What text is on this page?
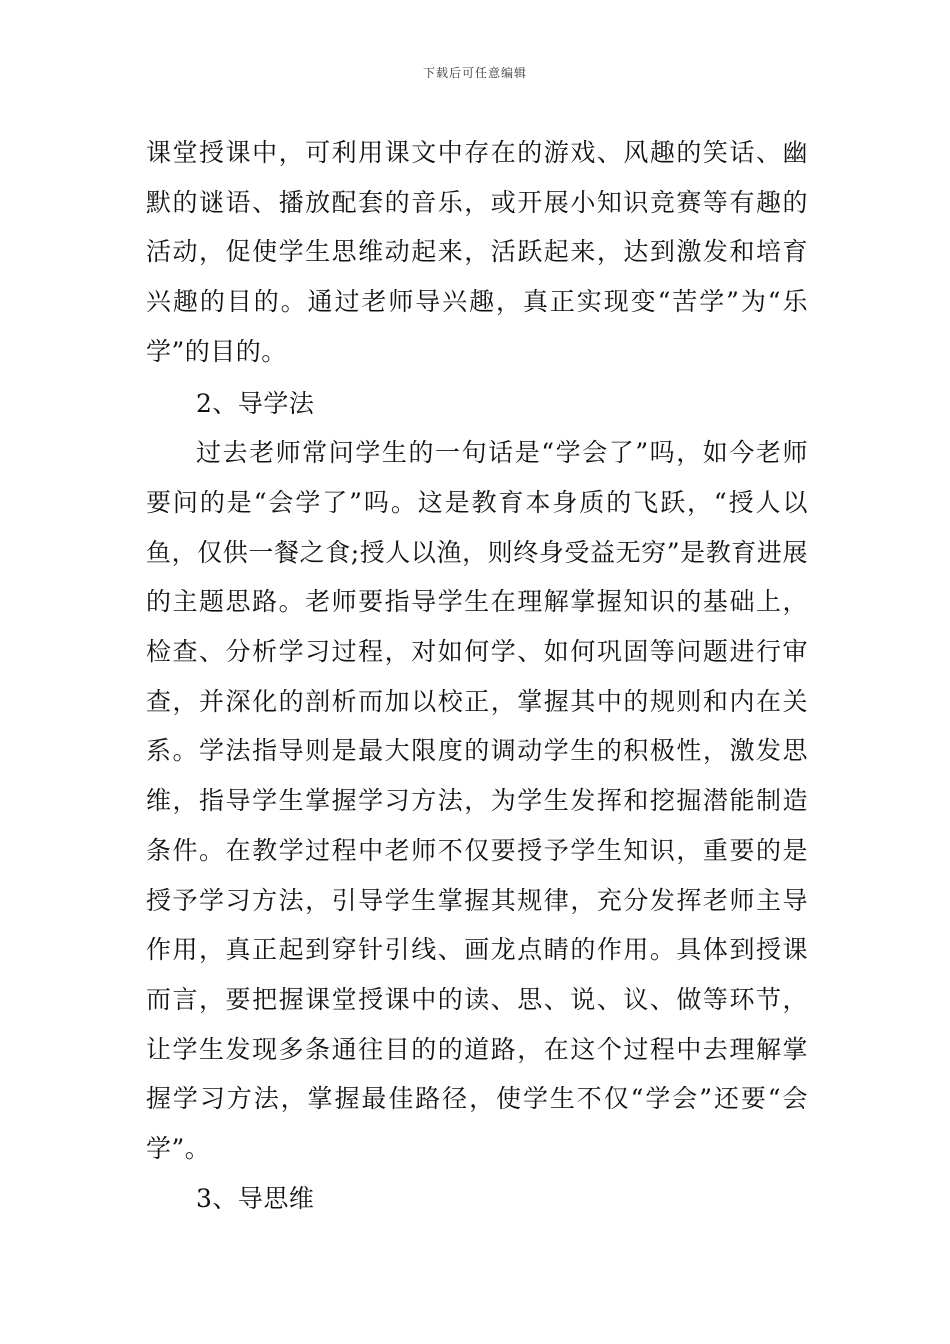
下载后可任意编辑

课堂授课中，可利用课文中存在的游戏、风趣的笑话、幽默的谜语、播放配套的音乐，或开展小知识竞赛等有趣的活动，促使学生思维动起来，活跃起来，达到激发和培育兴趣的目的。通过老师导兴趣，真正实现变“苦学”为“乐学”的目的。

2、导学法

过去老师常问学生的一句话是“学会了”吗，如今老师要问的是“会学了”吗。这是教育本身质的飞跃，“授人以鱼，仅供一餐之食;授人以渔，则终身受益无穷”是教育进展的主题思路。老师要指导学生在理解掌握知识的基础上，检查、分析学习过程，对如何学、如何巩固等问题进行审查，并深化的剖析而加以校正，掌握其中的规则和内在关系。学法指导则是最大限度的调动学生的积极性，激发思维，指导学生掌握学习方法，为学生发挥和挖掘潜能制造条件。在教学过程中老师不仅要授予学生知识，重要的是授予学习方法，引导学生掌握其规律，充分发挥老师主导作用，真正起到穿针引线、画龙点睛的作用。具体到授课而言，要把握课堂授课中的读、思、说、议、做等环节，让学生发现多条通往目的的道路，在这个过程中去理解掌握学习方法，掌握最佳路径，使学生不仅“学会”还要“会学”。

3、导思维
